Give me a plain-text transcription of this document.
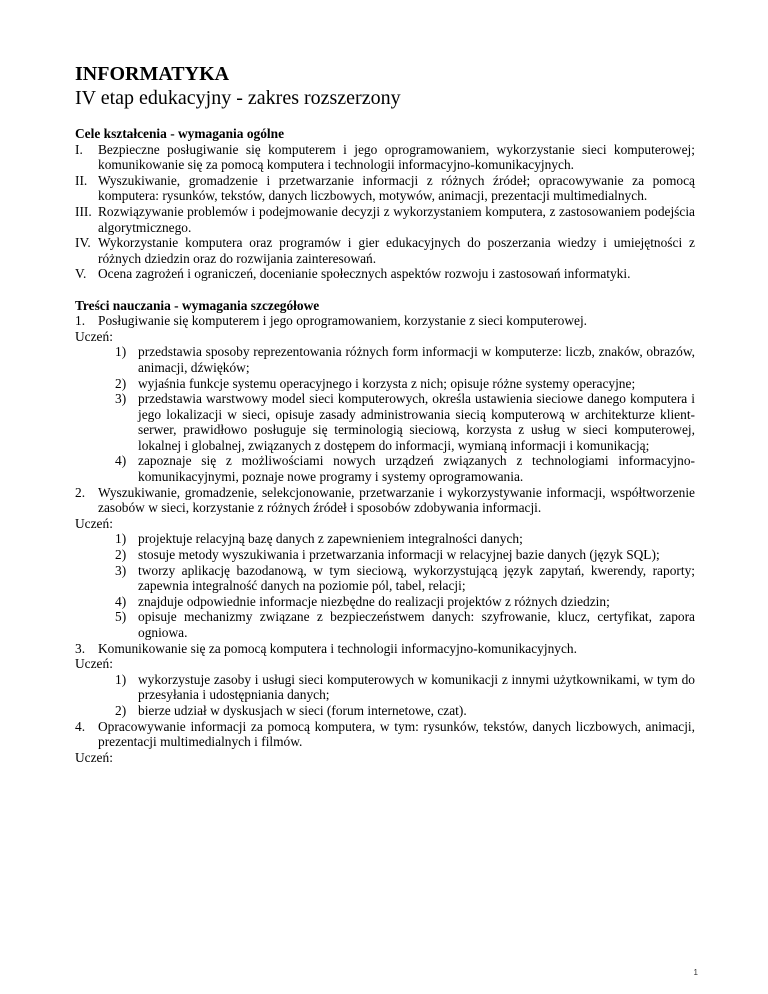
INFORMATYKA
IV etap edukacyjny - zakres rozszerzony
Cele kształcenia - wymagania ogólne
I. Bezpieczne posługiwanie się komputerem i jego oprogramowaniem, wykorzystanie sieci komputerowej; komunikowanie się za pomocą komputera i technologii informacyjno-komunikacyjnych.
II. Wyszukiwanie, gromadzenie i przetwarzanie informacji z różnych źródeł; opracowywanie za pomocą komputera: rysunków, tekstów, danych liczbowych, motywów, animacji, prezentacji multimedialnych.
III. Rozwiązywanie problemów i podejmowanie decyzji z wykorzystaniem komputera, z zastosowaniem podejścia algorytmicznego.
IV. Wykorzystanie komputera oraz programów i gier edukacyjnych do poszerzania wiedzy i umiejętności z różnych dziedzin oraz do rozwijania zainteresowań.
V. Ocena zagrożeń i ograniczeń, docenianie społecznych aspektów rozwoju i zastosowań informatyki.
Treści nauczania - wymagania szczegółowe
1. Posługiwanie się komputerem i jego oprogramowaniem, korzystanie z sieci komputerowej.
Uczeń:
1) przedstawia sposoby reprezentowania różnych form informacji w komputerze: liczb, znaków, obrazów, animacji, dźwięków;
2) wyjaśnia funkcje systemu operacyjnego i korzysta z nich; opisuje różne systemy operacyjne;
3) przedstawia warstwowy model sieci komputerowych, określa ustawienia sieciowe danego komputera i jego lokalizacji w sieci, opisuje zasady administrowania siecią komputerową w architekturze klient-serwer, prawidłowo posługuje się terminologią sieciową, korzysta z usług w sieci komputerowej, lokalnej i globalnej, związanych z dostępem do informacji, wymianą informacji i komunikacją;
4) zapoznaje się z możliwościami nowych urządzeń związanych z technologiami informacyjno-komunikacyjnymi, poznaje nowe programy i systemy oprogramowania.
2. Wyszukiwanie, gromadzenie, selekcjonowanie, przetwarzanie i wykorzystywanie informacji, współtworzenie zasobów w sieci, korzystanie z różnych źródeł i sposobów zdobywania informacji.
Uczeń:
1) projektuje relacyjną bazę danych z zapewnieniem integralności danych;
2) stosuje metody wyszukiwania i przetwarzania informacji w relacyjnej bazie danych (język SQL);
3) tworzy aplikację bazodanową, w tym sieciową, wykorzystującą język zapytań, kwerendy, raporty; zapewnia integralność danych na poziomie pól, tabel, relacji;
4) znajduje odpowiednie informacje niezbędne do realizacji projektów z różnych dziedzin;
5) opisuje mechanizmy związane z bezpieczeństwem danych: szyfrowanie, klucz, certyfikat, zapora ogniowa.
3. Komunikowanie się za pomocą komputera i technologii informacyjno-komunikacyjnych.
Uczeń:
1) wykorzystuje zasoby i usługi sieci komputerowych w komunikacji z innymi użytkownikami, w tym do przesyłania i udostępniania danych;
2) bierze udział w dyskusjach w sieci (forum internetowe, czat).
4. Opracowywanie informacji za pomocą komputera, w tym: rysunków, tekstów, danych liczbowych, animacji, prezentacji multimedialnych i filmów.
Uczeń:
1
